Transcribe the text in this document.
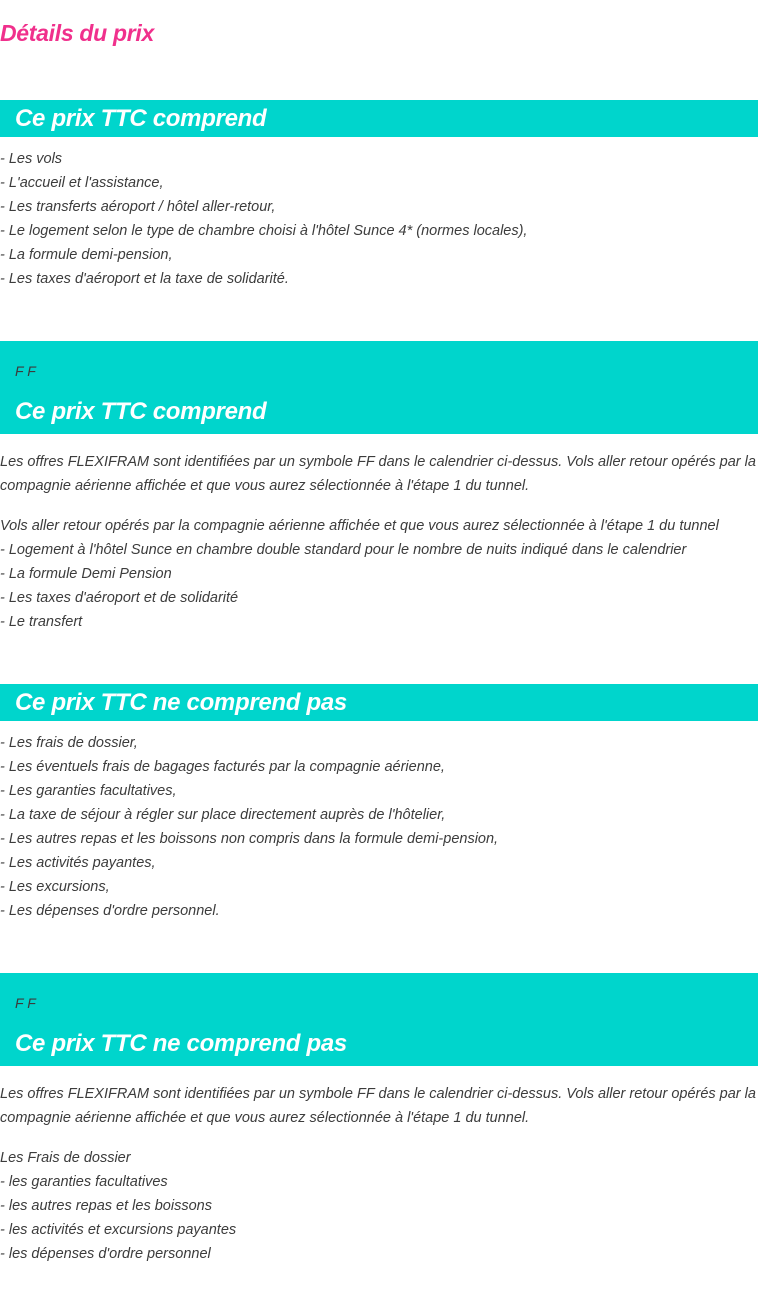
Détails du prix
Ce prix TTC comprend
- Les vols
- L'accueil et l'assistance,
- Les transferts aéroport / hôtel aller-retour,
- Le logement selon le type de chambre choisi à l'hôtel Sunce 4* (normes locales),
- La formule demi-pension,
- Les taxes d'aéroport et la taxe de solidarité.
F F
Ce prix TTC comprend

Les offres FLEXIFRAM sont identifiées par un symbole FF dans le calendrier ci-dessus. Vols aller retour opérés par la compagnie aérienne affichée et que vous aurez sélectionnée à l'étape 1 du tunnel.

Vols aller retour opérés par la compagnie aérienne affichée et que vous aurez sélectionnée à l'étape 1 du tunnel
- Logement à l'hôtel Sunce en chambre double standard pour le nombre de nuits indiqué dans le calendrier
- La formule Demi Pension
- Les taxes d'aéroport et de solidarité
- Le transfert
Ce prix TTC ne comprend pas
- Les frais de dossier,
- Les éventuels frais de bagages facturés par la compagnie aérienne,
- Les garanties facultatives,
- La taxe de séjour à régler sur place directement auprès de l'hôtelier,
- Les autres repas et les boissons non compris dans la formule demi-pension,
- Les activités payantes,
- Les excursions,
- Les dépenses d'ordre personnel.
F F
Ce prix TTC ne comprend pas

Les offres FLEXIFRAM sont identifiées par un symbole FF dans le calendrier ci-dessus. Vols aller retour opérés par la compagnie aérienne affichée et que vous aurez sélectionnée à l'étape 1 du tunnel.

Les Frais de dossier
- les garanties facultatives
- les autres repas et les boissons
- les activités et excursions payantes
- les dépenses d'ordre personnel
